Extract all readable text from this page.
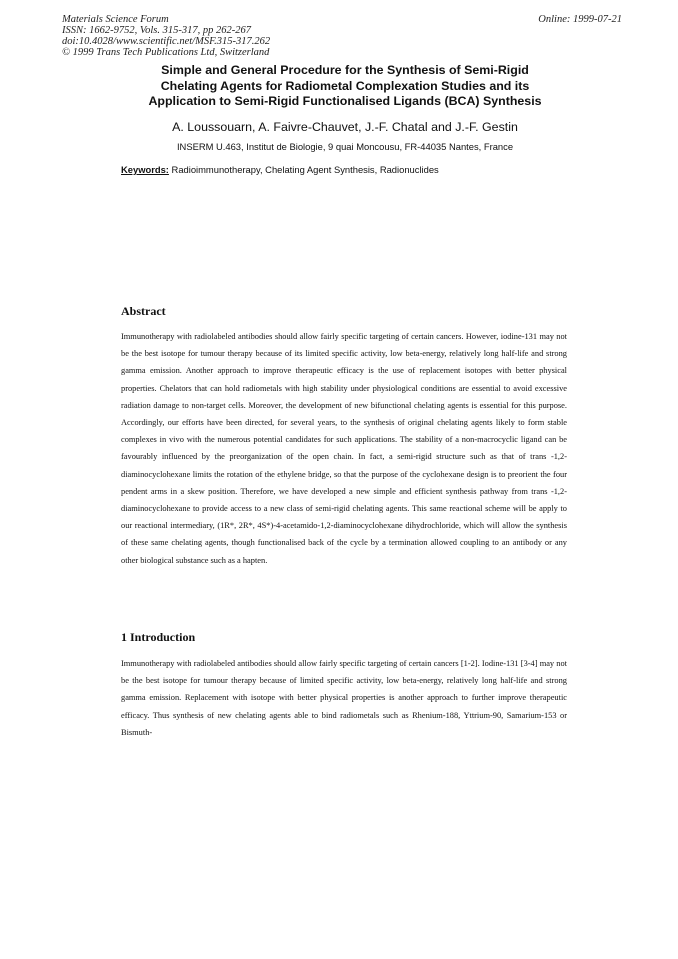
Materials Science Forum
ISSN: 1662-9752, Vols. 315-317, pp 262-267
doi:10.4028/www.scientific.net/MSF.315-317.262
© 1999 Trans Tech Publications Ltd, Switzerland
Online: 1999-07-21
Simple and General Procedure for the Synthesis of Semi-Rigid
Chelating Agents for Radiometal Complexation Studies and its
Application to Semi-Rigid Functionalised Ligands (BCA) Synthesis
A. Loussouarn, A. Faivre-Chauvet, J.-F. Chatal and J.-F. Gestin
INSERM U.463, Institut de Biologie, 9 quai Moncousu, FR-44035 Nantes, France
Keywords: Radioimmunotherapy, Chelating Agent Synthesis, Radionuclides
Abstract
Immunotherapy with radiolabeled antibodies should allow fairly specific targeting of certain cancers. However, iodine-131 may not be the best isotope for tumour therapy because of its limited specific activity, low beta-energy, relatively long half-life and strong gamma emission. Another approach to improve therapeutic efficacy is the use of replacement isotopes with better physical properties. Chelators that can hold radiometals with high stability under physiological conditions are essential to avoid excessive radiation damage to non-target cells. Moreover, the development of new bifunctional chelating agents is essential for this purpose. Accordingly, our efforts have been directed, for several years, to the synthesis of original chelating agents likely to form stable complexes in vivo with the numerous potential candidates for such applications. The stability of a non-macrocyclic ligand can be favourably influenced by the preorganization of the open chain. In fact, a semi-rigid structure such as that of trans -1,2-diaminocyclohexane limits the rotation of the ethylene bridge, so that the purpose of the cyclohexane design is to preorient the four pendent arms in a skew position. Therefore, we have developed a new simple and efficient synthesis pathway from trans -1,2- diaminocyclohexane to provide access to a new class of semi-rigid chelating agents. This same reactional scheme will be apply to our reactional intermediary, (1R*, 2R*, 4S*)-4-acetamido-1,2-diaminocyclohexane dihydrochloride, which will allow the synthesis of these same chelating agents, though functionalised back of the cycle by a termination allowed coupling to an antibody or any other biological substance such as a hapten.
1 Introduction
Immunotherapy with radiolabeled antibodies should allow fairly specific targeting of certain cancers [1-2]. Iodine-131 [3-4] may not be the best isotope for tumour therapy because of limited specific activity, low beta-energy, relatively long half-life and strong gamma emission. Replacement with isotope with better physical properties is another approach to further improve therapeutic efficacy. Thus synthesis of new chelating agents able to bind radiometals such as Rhenium-188, Yttrium-90, Samarium-153 or Bismuth-
